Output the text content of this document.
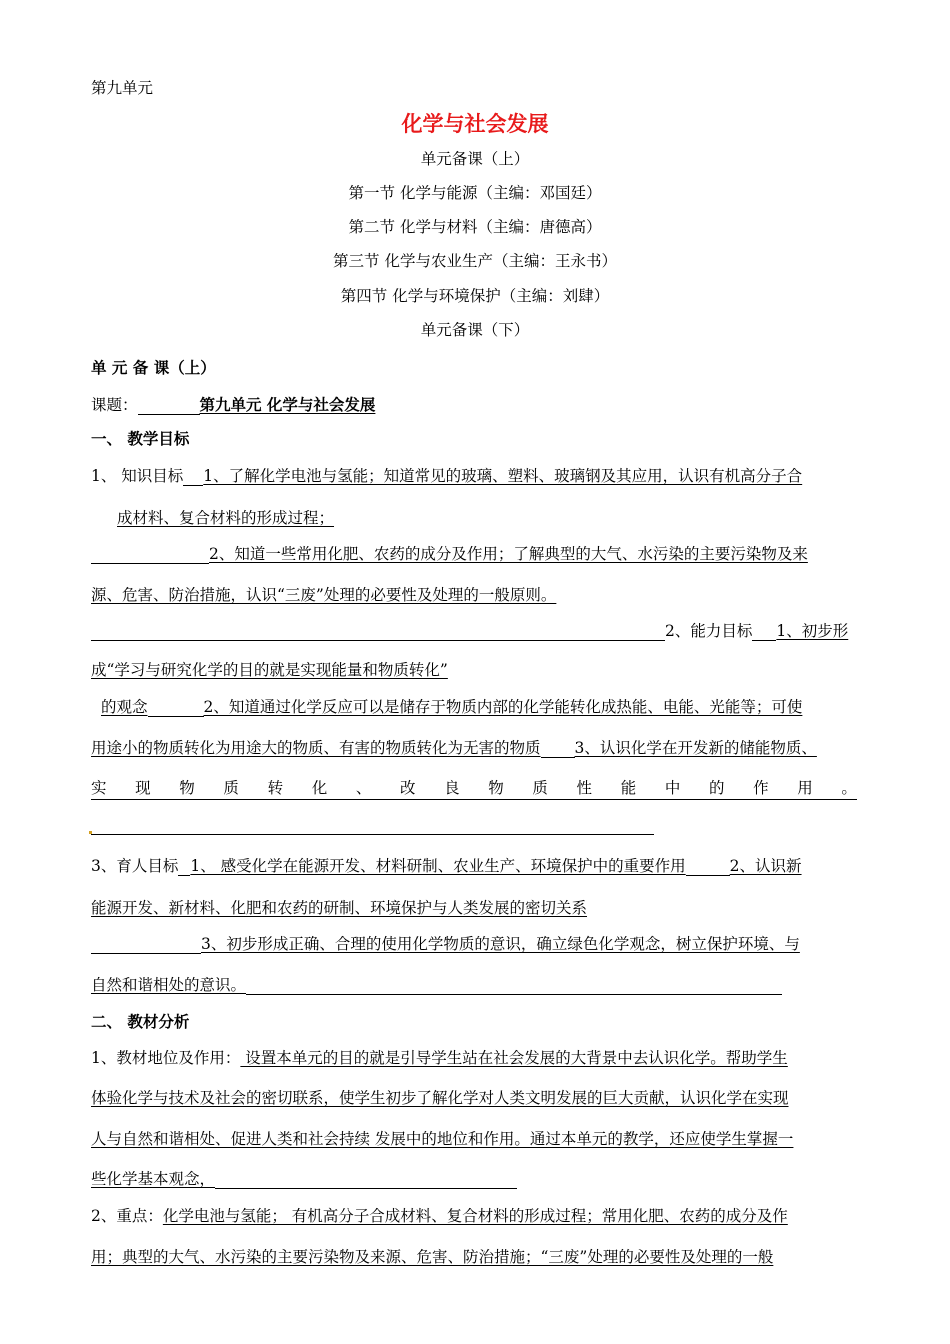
第九单元
化学与社会发展
单元备课（上）
第一节 化学与能源（主编：邓国廷）
第二节 化学与材料（主编：唐德高）
第三节 化学与农业生产（主编：王永书）
第四节 化学与环境保护（主编：刘肆）
单元备课（下）
单 元 备 课（上）
课题：	第九单元 化学与社会发展
一、 教学目标
1、 知识目标 1、了解化学电池与氢能；知道常见的玻璃、塑料、玻璃钢及其应用，认识有机高分子合
成材料、复合材料的形成过程；
2、知道一些常用化肥、农药的成分及作用；了解典型的大气、水污染的主要污染物及来
源、危害、防治措施，认识“三废”处理的必要性及处理的一般原则。
2、能力目标 1、初步形
成“学习与研究化学的目的就是实现能量和物质转化”
的观念	2、知道通过化学反应可以是储存于物质内部的化学能转化成热能、电能、光能等；可使
用途小的物质转化为用途大的物质、有害的物质转化为无害的物质 3、认识化学在开发新的储能物质、
实 现 物 质 转 化 、 改 良 物 质 性 能 中 的 作 用 。
3、育人目标 1、 感受化学在能源开发、材料研制、农业生产、环境保护中的重要作用	2、认识新
能源开发、新材料、化肥和农药的研制、环境保护与人类发展的密切关系
3、初步形成正确、合理的使用化学物质的意识，确立绿色化学观念，树立保护环境、与
自然和谐相处的意识。
二、 教材分析
1、教材地位及作用： 设置本单元的目的就是引导学生站在社会发展的大背景中去认识化学。帮助学生
体验化学与技术及社会的密切联系，使学生初步了解化学对人类文明发展的巨大贡献，认识化学在实现
人与自然和谐相处、促进人类和社会持续 发展中的地位和作用。通过本单元的教学，还应使学生掌握一
些化学基本观念，
2、重点：化学电池与氢能； 有机高分子合成材料、复合材料的形成过程；常用化肥、农药的成分及作
用；典型的大气、水污染的主要污染物及来源、危害、防治措施；“三废”处理的必要性及处理的一般
